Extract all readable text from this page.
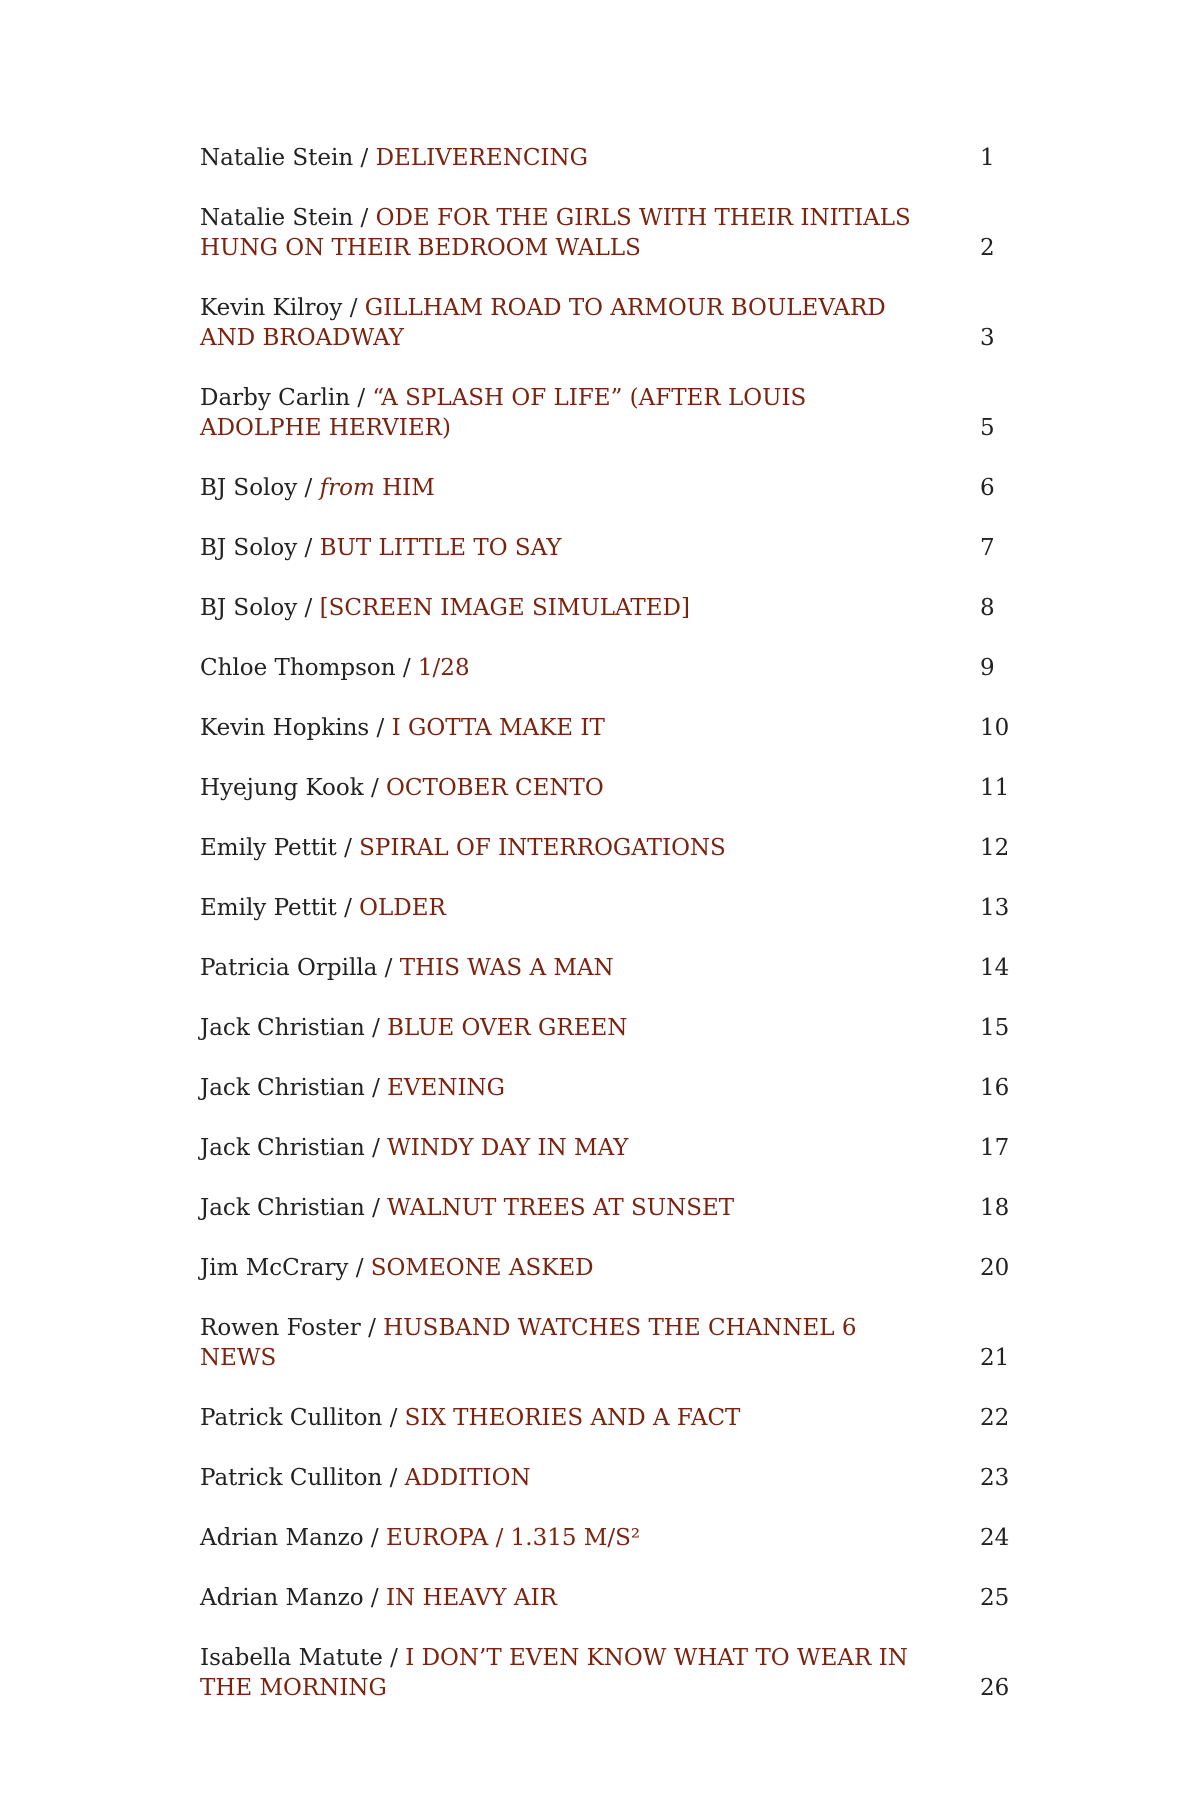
Natalie Stein / DELIVERENCING	1
Natalie Stein / ODE FOR THE GIRLS WITH THEIR INITIALS HUNG ON THEIR BEDROOM WALLS	2
Kevin Kilroy / GILLHAM ROAD TO ARMOUR BOULEVARD AND BROADWAY	3
Darby Carlin / “A SPLASH OF LIFE” (AFTER LOUIS ADOLPHE HERVIER)	5
BJ Soloy / from HIM	6
BJ Soloy / BUT LITTLE TO SAY	7
BJ Soloy / [SCREEN IMAGE SIMULATED]	8
Chloe Thompson / 1/28	9
Kevin Hopkins / I GOTTA MAKE IT	10
Hyejung Kook / OCTOBER CENTO	11
Emily Pettit / SPIRAL OF INTERROGATIONS	12
Emily Pettit / OLDER	13
Patricia Orpilla / THIS WAS A MAN	14
Jack Christian / BLUE OVER GREEN	15
Jack Christian / EVENING	16
Jack Christian / WINDY DAY IN MAY	17
Jack Christian / WALNUT TREES AT SUNSET	18
Jim McCrary / SOMEONE ASKED	20
Rowen Foster / HUSBAND WATCHES THE CHANNEL 6 NEWS	21
Patrick Culliton / SIX THEORIES AND A FACT	22
Patrick Culliton / ADDITION	23
Adrian Manzo / EUROPA / 1.315 M/S²	24
Adrian Manzo / IN HEAVY AIR	25
Isabella Matute / I DON’T EVEN KNOW WHAT TO WEAR IN THE MORNING	26
